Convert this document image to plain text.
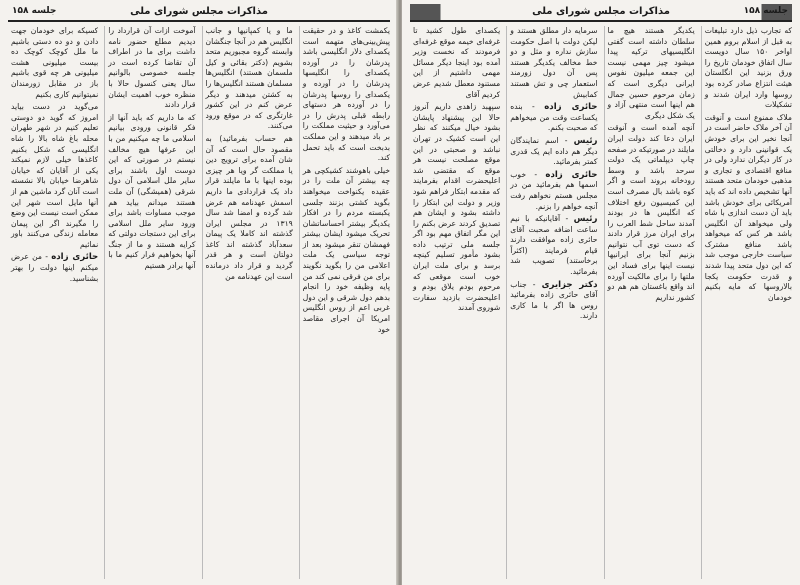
جلسه ۱۵۸	مذاکرات مجلس شورای ملی

یکمشت کاغذ و در حقیقت پیش‌بینی‌های متهمه است یکصدای دلار انگلیسی باشد پدرشان را در آورده یکصدای را انگلیسها پدرشان را در آورده و یکصدای را روسها پدرشان را در آورده هر دستهای رابطه قبلی پدرش را در می‌آورد و حیثیت مملکت را بر باد میدهند و این مملکت بدبخت است که باید تحمل کند.

خیلی باهوشند کشیکچی هر چه بیشتر آن ملت را در عقیده یکنواخت میخواهند بگوید کشتی بزنند جلسی یکبسته مردم را در افکار یکدیگر بیشتر احساساتشان تحریک میشود ایشان بیشتر فهمشان تنقر میشود بعد از توجه سیاسی یک ملت اعلامی من را بگوید نگویند برای من فرقی نمی کند من پایه وظیفه خود را انجام بدهم دول شرقی و این دول غربی اعم از روس انگلیس امریکا آن اجرای مقاصد خود

ما و یا کمپانیها و جانب انگلیس هم در آنجا جنگشان وابسته گروه مجبوریم متحد بشویم (دکتر بقائی و کیل ملسمان هستند) انگلیس‌ها مسلمان هستند انگلیس‌ها را به کشتن میدهند و دیگر عرض کنم در این کشور غارتگری که در موقع ورود می‌کنند.

هم حساب بفرمائید) به مقصود حال است که آن شان آمده برای ترویج دین یا مملکت گر ویا هر چیزی بوده اینها با ما مایلند قرار داد یک قراردادی ما داریم اسمش عهدنامه هم عرض شد گرده و امضا شد سال ۱۳۱۹ در مجلس ایران گذشته اند کاملا یک پیمان سعدآباد گذشته اند کاغذ دولتان است و هر قدر گردید و قرار داد درمانده است این عهدنامه من

آموخت ازات آن قرارداد را دیدیم مطلع حضور نامه داشت برای ما در اطراف آن تقاضا کرده است در جلسه خصوصی بالوانیم سال یعنی کنسول حالا با منظره خوب اهمیت ایشان قرار دادند

که ما داریم که باید آنها از فکر قانونی ورودی بیانیم اسلامی ما چه میکنیم من با این عرفها هیچ مخالف نیستم در صورتی که این دوست اول باشند برای سایر ملل اسلامی آن دول شرقی (همیشگی) آن ملت هستند میدانم بیاید هم موجب مساوات باشد برای ورود سایر ملل اسلامی برای این دستجات دولتی که کرایه هستند و ما از جنگ آنها بخواهیم فرار کنیم ما با آنها برادر هستیم

کسیکه برای خودمان جهت دادن و دو ده دستی باشیم ما ملل کوچک کوچک ده بیست میلیونی هشت میلیونی هر چه قوی باشیم باز در مقابل زورمندان نمیتوانیم کاری بکنیم

می‌گوید در دست بیاید امروز که گوید دو دوستی تعلیم کنیم در شهر طهران محله باغ شاه بالا را شاه انگلیسی که شکل بکنیم کاغذها خیلی لازم نمیکند یکی از آقایان که خیابان شاهرضا خیابان بالا نشسته است آنان گرد ماشین هم از آنها مایل است شهر این ممکن است نیست این وضع را مگیرند اگر این پیمان معامله زندگی می‌کنند باور نمائیم

حائری زاده - من عرض میکنم اینها دولت را بهتر بشناسید.

جلسه ۱۵۸
مذاکرات مجلس شورای ملی

که تجارب ذیل دارد تبلیغات به قبل از اسلام بروم همین اواخر ۱۵۰ سال دویست سال اتفاق خودمان تاریخ را ورق بزنید این انگلستان هیئت انتزاع صادر کرده بود روسها وارد ایران شدند و تشکیلات

ملاک ممنوع است و آنوقت آن آخر ملاک حاضر است در آنجا نخیر این برای خودش یک قوانینی دارد و دخالتی در کار دیگران ندارد ولی در منافع اقتصادی و تجاری و مذهبی خودمان متحد هستند آنها تشخیص داده اند که باید آمریکائی برای خودش باشد باید آن دست اندازی با شاه ولی میخواهد آن انگلیس باشد هر کس که میخواهد باشد منافع مشترک سیاست خارجی موجب شد که این دول متحد پیدا شدند و قدرت حکومت یکجا بالاروسها که مایه بکنیم خودمان

یکدیگر هستند هیچ ما سلطان داشته است گفتی انگلیسیهای ترکیه پیدا میشود چیز مهمی نیست این جمعه میلیون نفوس ایرانی دیگری است که زمان مرحوم حسین جمال هم اینها است منتهی آزاد و یک شکل دیگری

آنچه آمده است و آنوقت ایران دعا کند دولت ایران مایلند در صورتیکه در صفحه چاپ دیپلماتی یک دولت سرحد باشد و وسط رودخانه بروند است و اگر کوه باشد بال مصرف است این کمیسیون رفع اختلاف که انگلیس ها در بودند آمدند ساحل شط العرب را برای ایران مرز قرار دادند که دست توی آب نتوانیم بزنیم آنجا برای ایرانیها نیست اینها برای فساد این ملتها را برای مالکیت آورده اند واقع باغستان هم هم دو کشور نداریم

سرمایه دار مطلق هستند و لیکن دولت با اصل حکومت سازش نداره و مثل و دو خط مخالف یکدیگر هستند پس آن دول زورمند استعمار چی و تش هستند کمابیش

حائری زاده - بنده یکساعت وقت من میخواهم که صحبت بکنم.

رئیس - اسم نمایندگان دیگر هم داده ایم یک قدری کمتر بفرمائید.

حائری زاده - خوب اسمها هم بفرمائید من در مجلس هستم نخواهم رفت آنچه خواهم را بزنم.

رئیس - آقایانیکه با نیم ساعت اضافه صحبت آقای حائری زاده موافقت دارند قیام فرمایند (اکثراً برخاستند) تصویب شد بفرمائید.

دکتر جزایری - جناب آقای حائری زاده بفرمائید روس ها اگر با ما کاری دارند.

یکصدای طول کشید تا غرفه‌ای خیمه موقع غرفه‌ای فرمودند که نخست وزیر آمده بود اینجا دیگر مسائل مهمی داشتیم از این مستنود معطل شدیم عرض کردیم آقای

سپهبد زاهدی داریم آنروز حالا این پیشنهاد پایشان بشود خیال میکنند که نظر این است کشیک در تهران نباشد و صحبتی در این موقع مصلحت نیست هر موقع که مقتضی شد اعلیحضرت اقدام بفرمایند که مقدمه ابتکار فراهم شود وزیر و دولت این ابتکار را داشته بشود و ایشان هم تصدیق کردند عرض بکنم را این مگر اتفاق مهم بود اگر جلسه ملی ترتیب داده بشود مأمور تسلیم کینچه برسد و برای ملت ایران خوب است موقعی که مرحوم بودم یلاق بودم و اعلیحضرت بازدید سفارت شوروی آمدند
